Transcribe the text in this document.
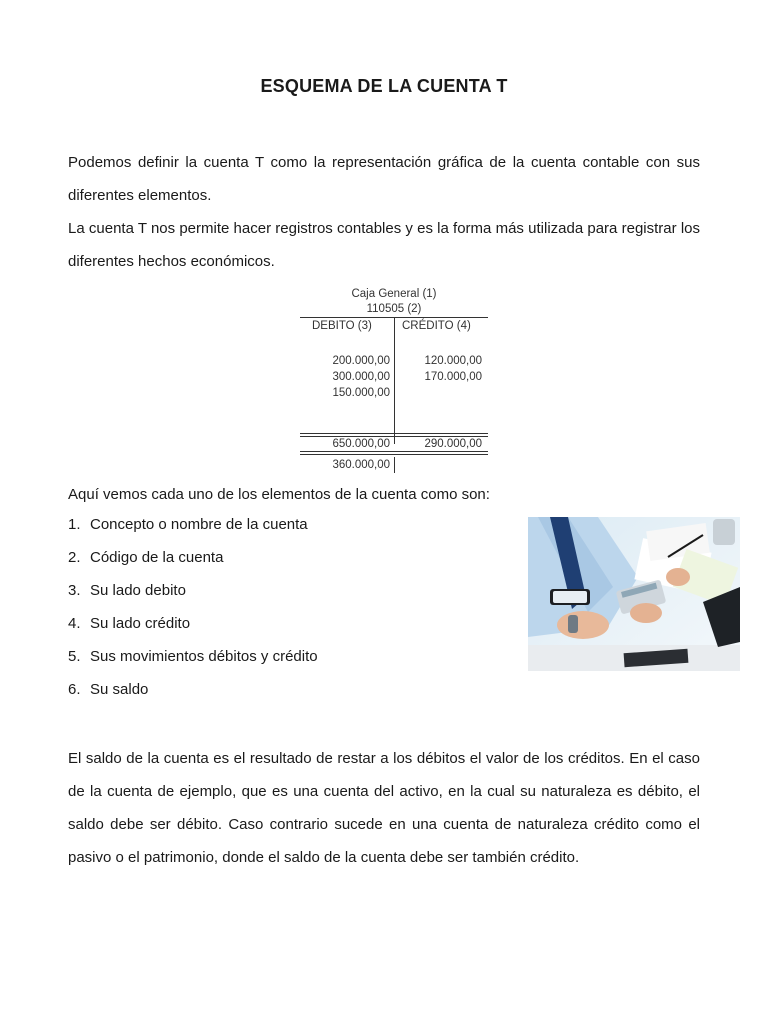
ESQUEMA DE LA CUENTA T

Podemos definir la cuenta T como la representación gráfica de la cuenta contable con sus diferentes elementos.

La cuenta T nos permite hacer registros contables y es la forma más utilizada para registrar los diferentes hechos económicos.

Caja General (1)
110505 (2)
DEBITO (3)	CRÉDITO (4)
200.000,00
300.000,00
150.000,00
120.000,00
170.000,00
650.000,00	290.000,00
360.000,00

Aquí vemos cada uno de los elementos de la cuenta como son:

1. Concepto o nombre de la cuenta
2. Código de la cuenta
3. Su lado debito
4. Su lado crédito
5. Sus movimientos débitos y crédito
6. Su saldo

El saldo de la cuenta es el resultado de restar a los débitos el valor de los créditos. En el caso de la cuenta de ejemplo, que es una cuenta del activo, en la cual su naturaleza es débito, el saldo debe ser débito. Caso contrario sucede en una cuenta de naturaleza crédito como el pasivo o el patrimonio, donde el saldo de la cuenta debe ser también crédito.
